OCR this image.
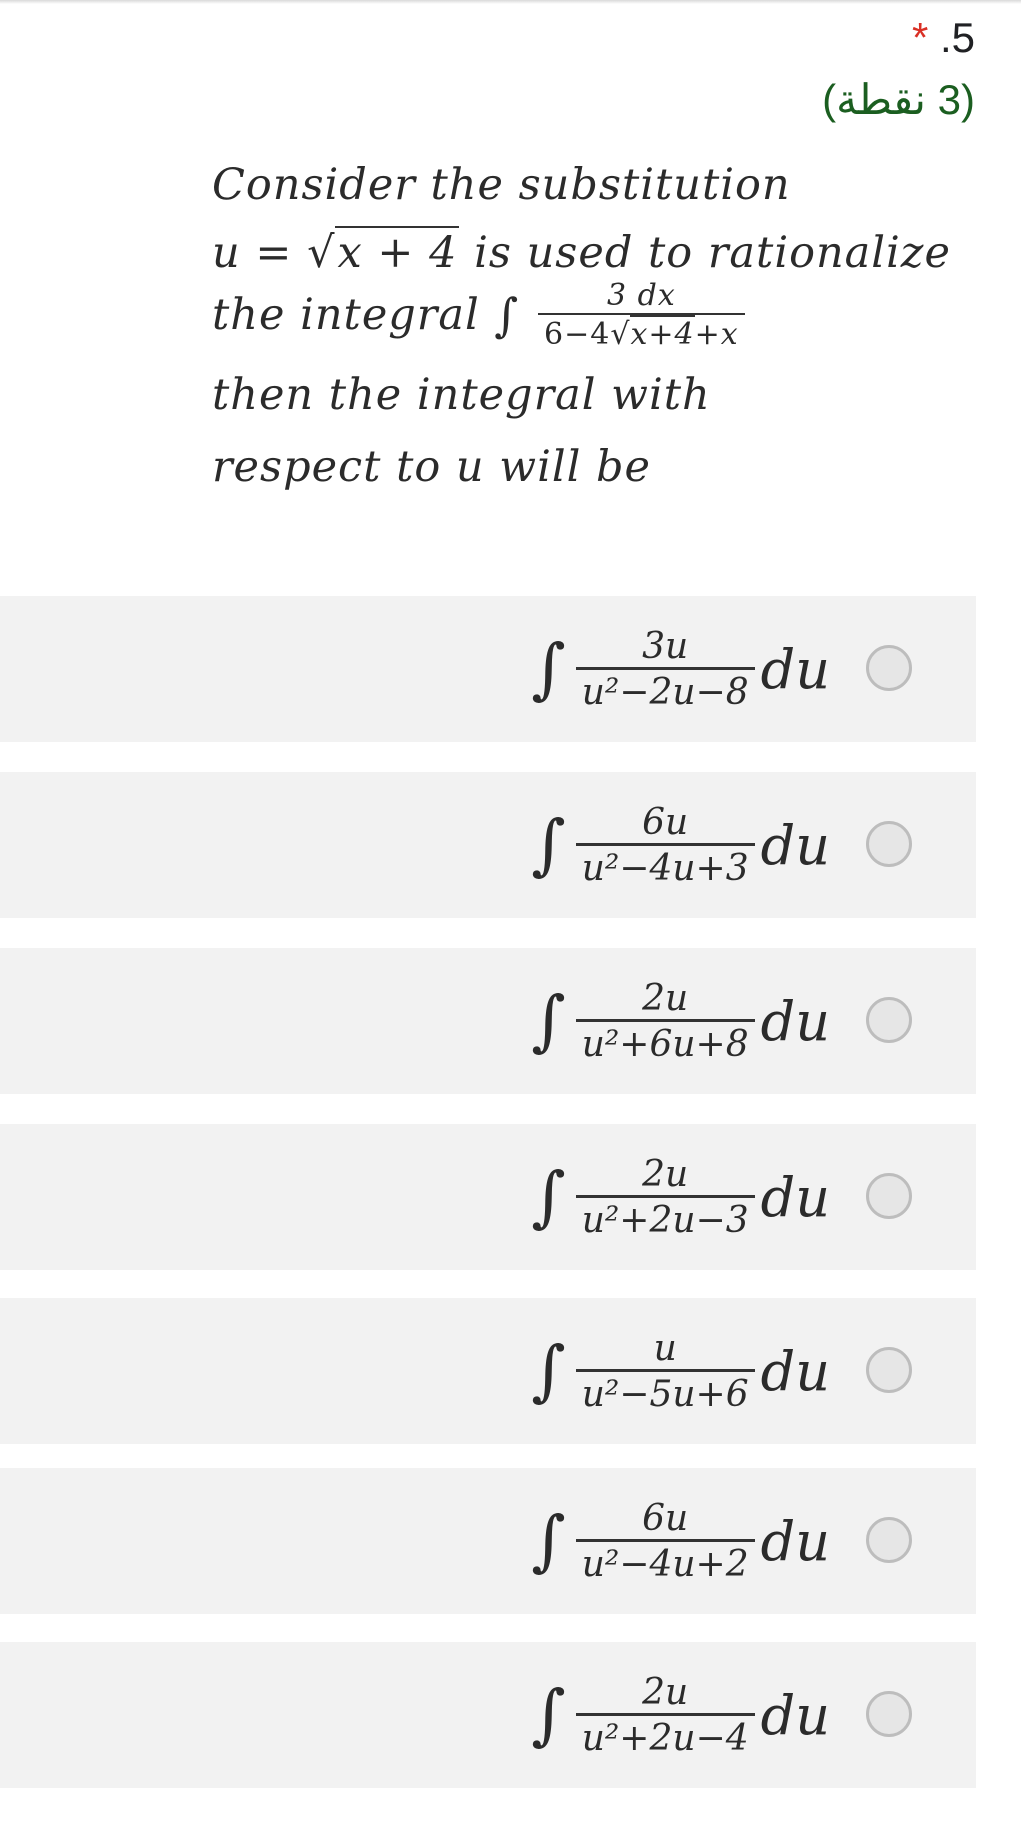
* .5
(3 نقطة)
Consider the substitution
u = √x + 4 is used to rationalize
the integral ∫ $\frac{3 dx}{6-4√x+4+x}$
then the integral with
respect to u will be
∫ $\frac{3u}{\text{u²−2u−8}}$ du
∫ $\frac{6u}{\text{u²−4u+3}}$ du
∫ $\frac{2u}{\text{u²+6u+8}}$ du
∫ $\frac{2u}{\text{u²+2u−3}}$ du
∫ $\frac{u}{\text{u²−5u+6}}$ du
∫ $\frac{6u}{\text{u²−4u+2}}$ du
∫ $\frac{2u}{\text{u²+2u−4}}$ du
